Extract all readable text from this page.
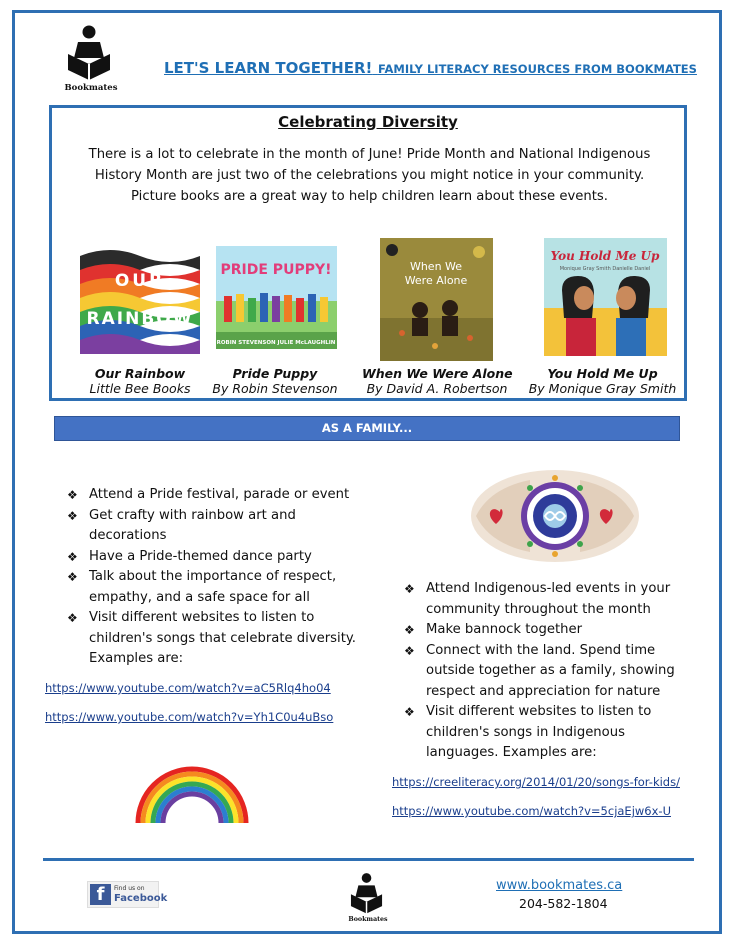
Bookmates
LET'S LEARN TOGETHER! FAMILY LITERACY RESOURCES FROM BOOKMATES
Celebrating Diversity
There is a lot to celebrate in the month of June! Pride Month and National Indigenous History Month are just two of the celebrations you might notice in your community. Picture books are a great way to help children learn about these events.
OUR
RAINBOW
PRIDE PUPPY!
ROBIN STEVENSON JULIE McLAUGHLIN
When We
Were Alone
You Hold Me Up
Monique Gray Smith Danielle Daniel
Our Rainbow
Little Bee Books
Pride Puppy
By Robin Stevenson
When We Were Alone
By David A. Robertson
You Hold Me Up
By Monique Gray Smith
AS A FAMILY...
❖ Attend a Pride festival, parade or event
❖ Get crafty with rainbow art and decorations
❖ Have a Pride-themed dance party
❖ Talk about the importance of respect, empathy, and a safe space for all
❖ Visit different websites to listen to children's songs that celebrate diversity. Examples are:
https://www.youtube.com/watch?v=aC5Rlq4ho04
https://www.youtube.com/watch?v=Yh1C0u4uBso
❖ Attend Indigenous-led events in your community throughout the month
❖ Make bannock together
❖ Connect with the land. Spend time outside together as a family, showing respect and appreciation for nature
❖ Visit different websites to listen to children's songs in Indigenous languages. Examples are:
https://creeliteracy.org/2014/01/20/songs-for-kids/
https://www.youtube.com/watch?v=5cjaEjw6x-U
f	Find us on
Facebook
Bookmates
www.bookmates.ca
204-582-1804
